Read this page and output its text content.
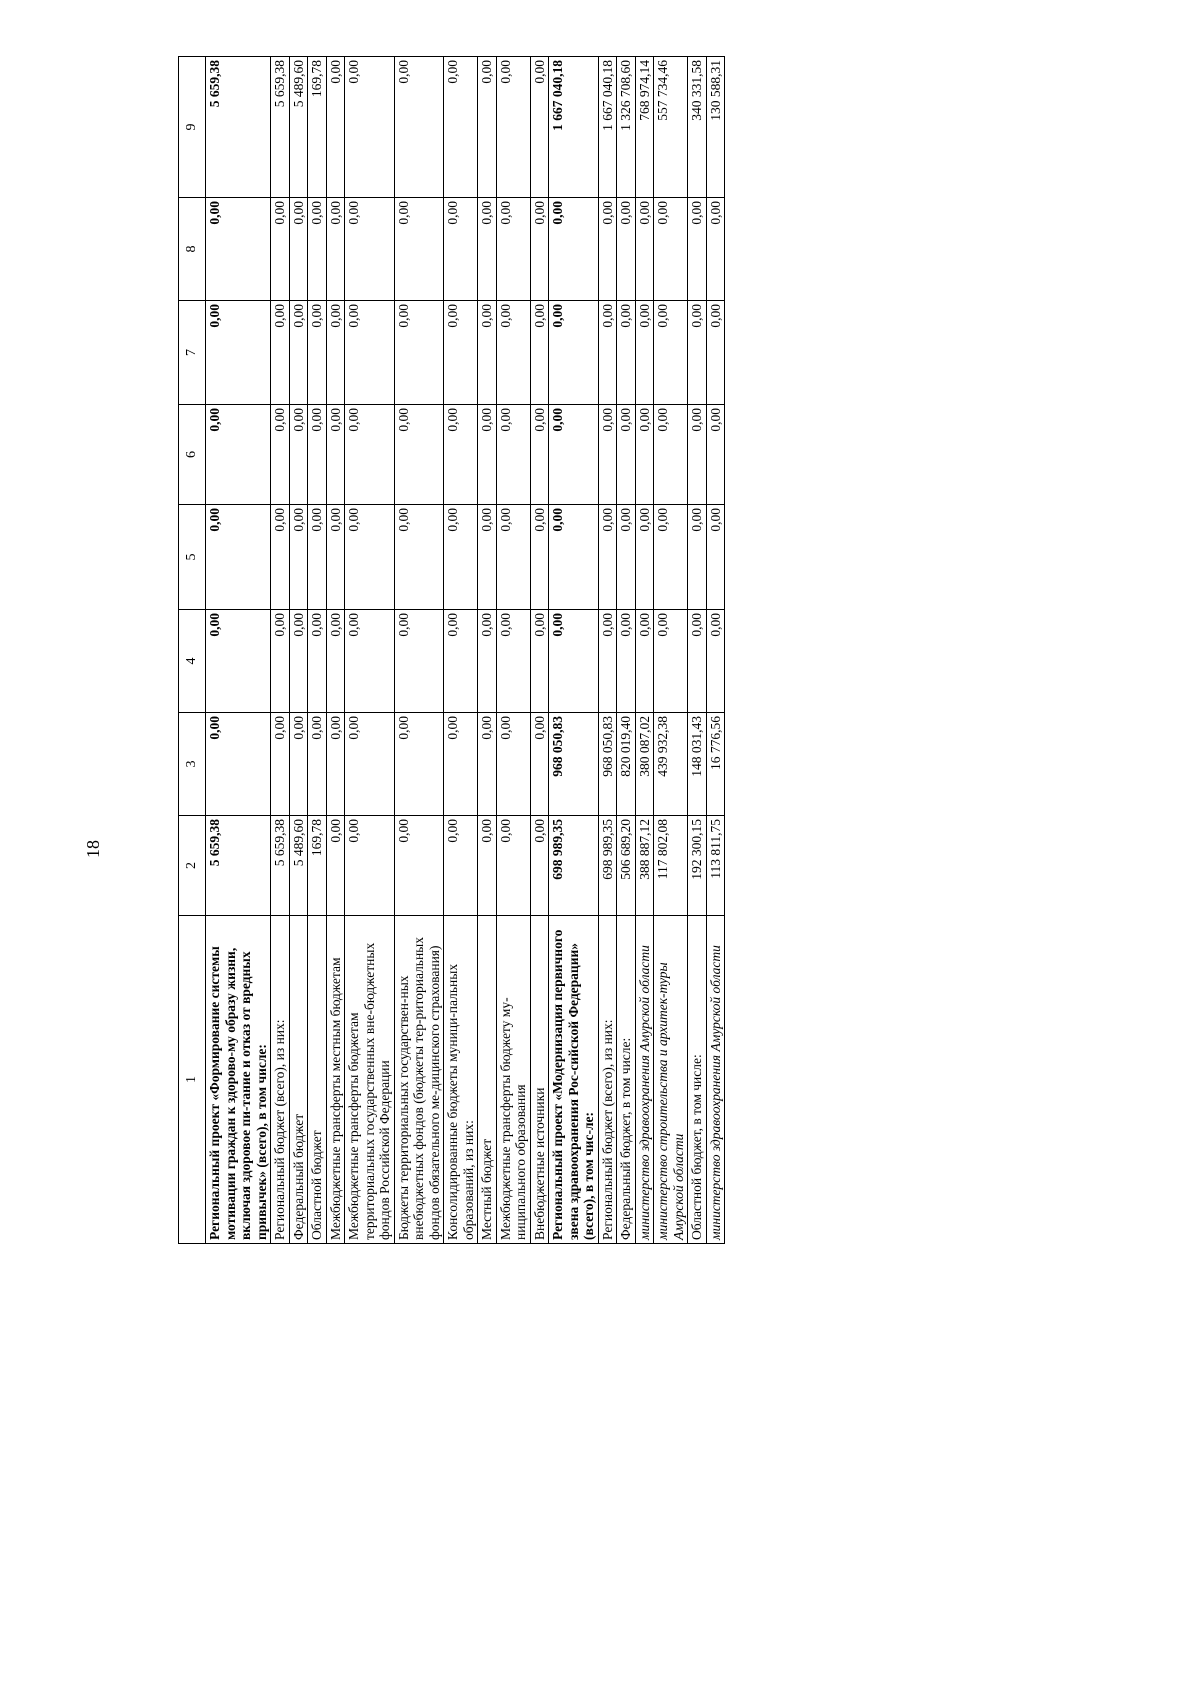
18
1	2	3	4	5	6	7	8	9
Региональный проект «Формирование системы мотивации граждан к здорово-му образу жизни, включая здоровое пи-тание и отказ от вредных привычек» (всего), в том числе:	5 659,38	0,00	0,00	0,00	0,00	0,00	0,00	5 659,38
Региональный бюджет (всего), из них:	5 659,38	0,00	0,00	0,00	0,00	0,00	0,00	5 659,38
Федеральный бюджет	5 489,60	0,00	0,00	0,00	0,00	0,00	0,00	5 489,60
Областной бюджет	169,78	0,00	0,00	0,00	0,00	0,00	0,00	169,78
Межбюджетные трансферты местным бюджетам	0,00	0,00	0,00	0,00	0,00	0,00	0,00	0,00
Межбюджетные трансферты бюджетам территориальных государственных вне-бюджетных фондов Российской Федерации	0,00	0,00	0,00	0,00	0,00	0,00	0,00	0,00
Бюджеты территориальных государствен-ных внебюджетных фондов (бюджеты тер-риториальных фондов обязательного ме-дицинского страхования)	0,00	0,00	0,00	0,00	0,00	0,00	0,00	0,00
Консолидированные бюджеты муници-пальных образований, из них:	0,00	0,00	0,00	0,00	0,00	0,00	0,00	0,00
Местный бюджет	0,00	0,00	0,00	0,00	0,00	0,00	0,00	0,00
Межбюджетные трансферты бюджету му-ниципального образования	0,00	0,00	0,00	0,00	0,00	0,00	0,00	0,00
Внебюджетные источники	0,00	0,00	0,00	0,00	0,00	0,00	0,00	0,00
Региональный проект «Модернизация первичного звена здравоохранения Рос-сийской Федерации» (всего), в том чис-ле:	698 989,35	968 050,83	0,00	0,00	0,00	0,00	0,00	1 667 040,18
Региональный бюджет (всего), из них:	698 989,35	968 050,83	0,00	0,00	0,00	0,00	0,00	1 667 040,18
Федеральный бюджет, в том числе:	506 689,20	820 019,40	0,00	0,00	0,00	0,00	0,00	1 326 708,60
министерство здравоохранения Амурской области	388 887,12	380 087,02	0,00	0,00	0,00	0,00	0,00	768 974,14
министерство строительства и архитек-туры Амурской области	117 802,08	439 932,38	0,00	0,00	0,00	0,00	0,00	557 734,46
Областной бюджет, в том числе:	192 300,15	148 031,43	0,00	0,00	0,00	0,00	0,00	340 331,58
министерство здравоохранения Амурской области	113 811,75	16 776,56	0,00	0,00	0,00	0,00	0,00	130 588,31
